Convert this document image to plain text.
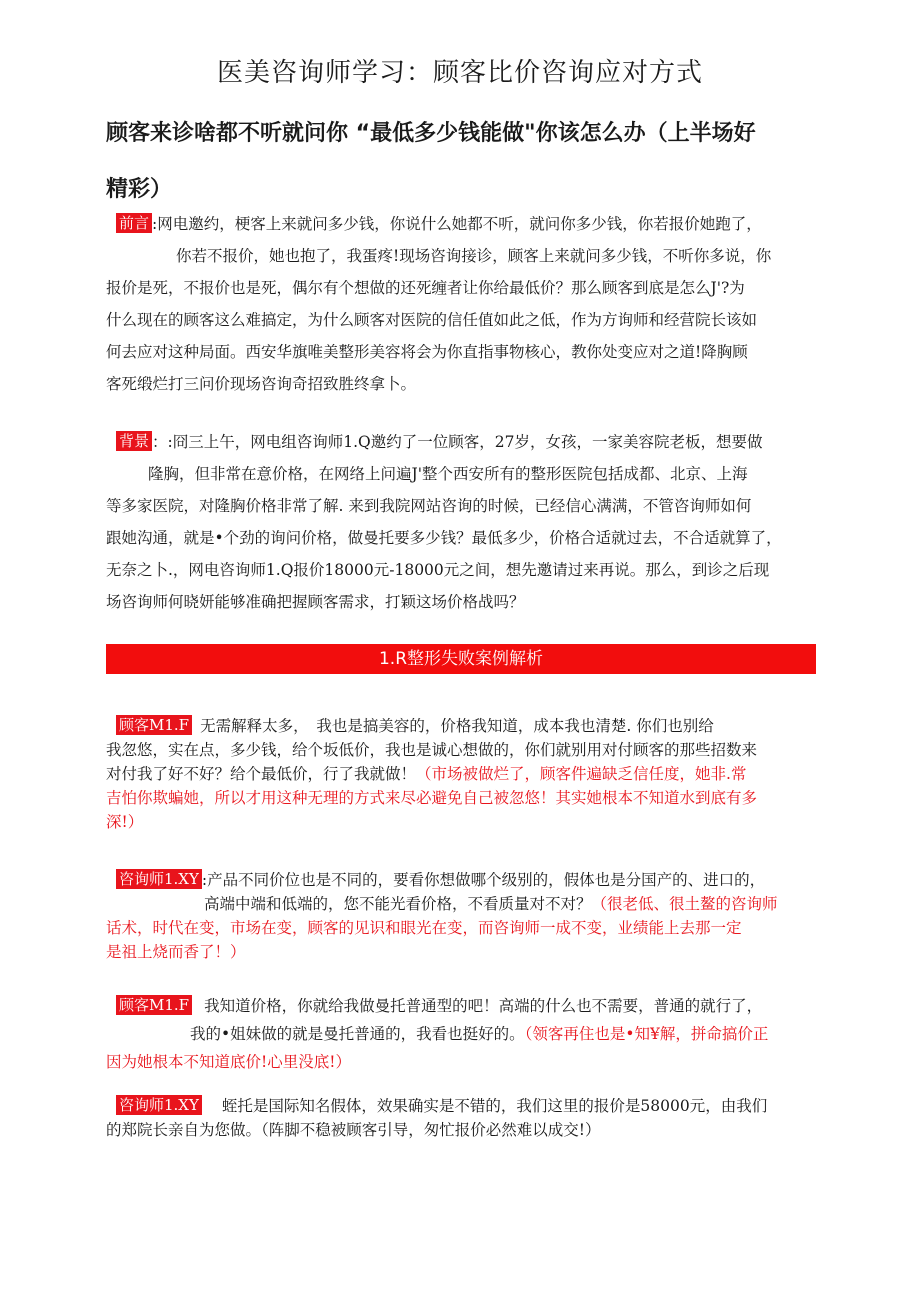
医美咨询师学习：顾客比价咨询应对方式
顾客来诊啥都不听就问你 “最低多少钱能做"你该怎么办（上半场好
精彩）
前言 :网电邀约，梗客上来就问多少钱，你说什么她都不听，就问你多少钱，你若报价她跑了，
你若不报价，她也抱了，我蛋疼!现场咨询接诊，顾客上来就问多少钱，不听你多说，你
报价是死，不报价也是死，偶尔有个想做的还死缠者让你给最低价？那么顾客到底是怎么J'?为
什么现在的顾客这么难搞定，为什么顾客对医院的信任值如此之低，作为方询师和经营院长该如
何去应对这种局面。西安华旗唯美整形美容将会为你直指事物核心，教你处变应对之道!降胸顾
客死缎烂打三问价现场咨询奇招致胜终拿卜。
背景 ：:冏三上午，网电组咨询师1.Q邀约了一位顾客，27岁，女孩，一家美容院老板，想要做
隆胸，但非常在意价格，在网络上问遍J'整个西安所有的整形医院包括成都、北京、上海
等多家医院，对隆胸价格非常了解. 来到我院网站咨询的时候，已经信心满满，不管咨询师如何
跟她沟通，就是•个劲的询问价格，做曼托要多少钱？最低多少，价格合适就过去，不合适就算了，
无奈之卜.，网电咨询师1.Q报价18000元-18000元之间，想先邀请过来再说。那么，到诊之后现
场咨询师何晓妍能够准确把握顾客需求，打颖这场价格战吗？
1.R整形失败案例解析
顾客M1.F 无需解释太多，　我也是搞美容的，价格我知道，成本我也清楚. 你们也别给
我忽悠，实在点，多少钱，给个坂低价，我也是诚心想做的，你们就别用对付顾客的那些招数来
对付我了好不好？给个最低价，行了我就做！（市场被做烂了，顾客件遍缺乏信任度，她非.常
吉怕你欺蝙她，所以才用这种无理的方式来尽必避免自己被忽悠！其实她根本不知道水到底有多
深!）
咨询师1.XY :产品不同价位也是不同的，要看你想做哪个级别的，假体也是分国产的、进口的，
高端中端和低端的，您不能光看价格，不看质量对不对？（很老低、很土鳌的咨询师
话术，时代在变，市场在变，顾客的见识和眼光在变，而咨询师一成不变，业绩能上去那一定
是祖上烧而香了！）
顾客M1.F 我知道价格，你就给我做曼托普通型的吧！高端的什么也不需要，普通的就行了，
我的•姐妹做的就是曼托普通的，我看也挺好的。（领客再住也是•知¥解，拼命搞价正
因为她根本不知道底价!心里没底!）
咨询师1.XY 蛭托是国际知名假体，效果确实是不错的，我们这里的报价是58000元，由我们
的郑院长亲自为您做。（阵脚不稳被顾客引导，匆忙报价必然难以成交!）
